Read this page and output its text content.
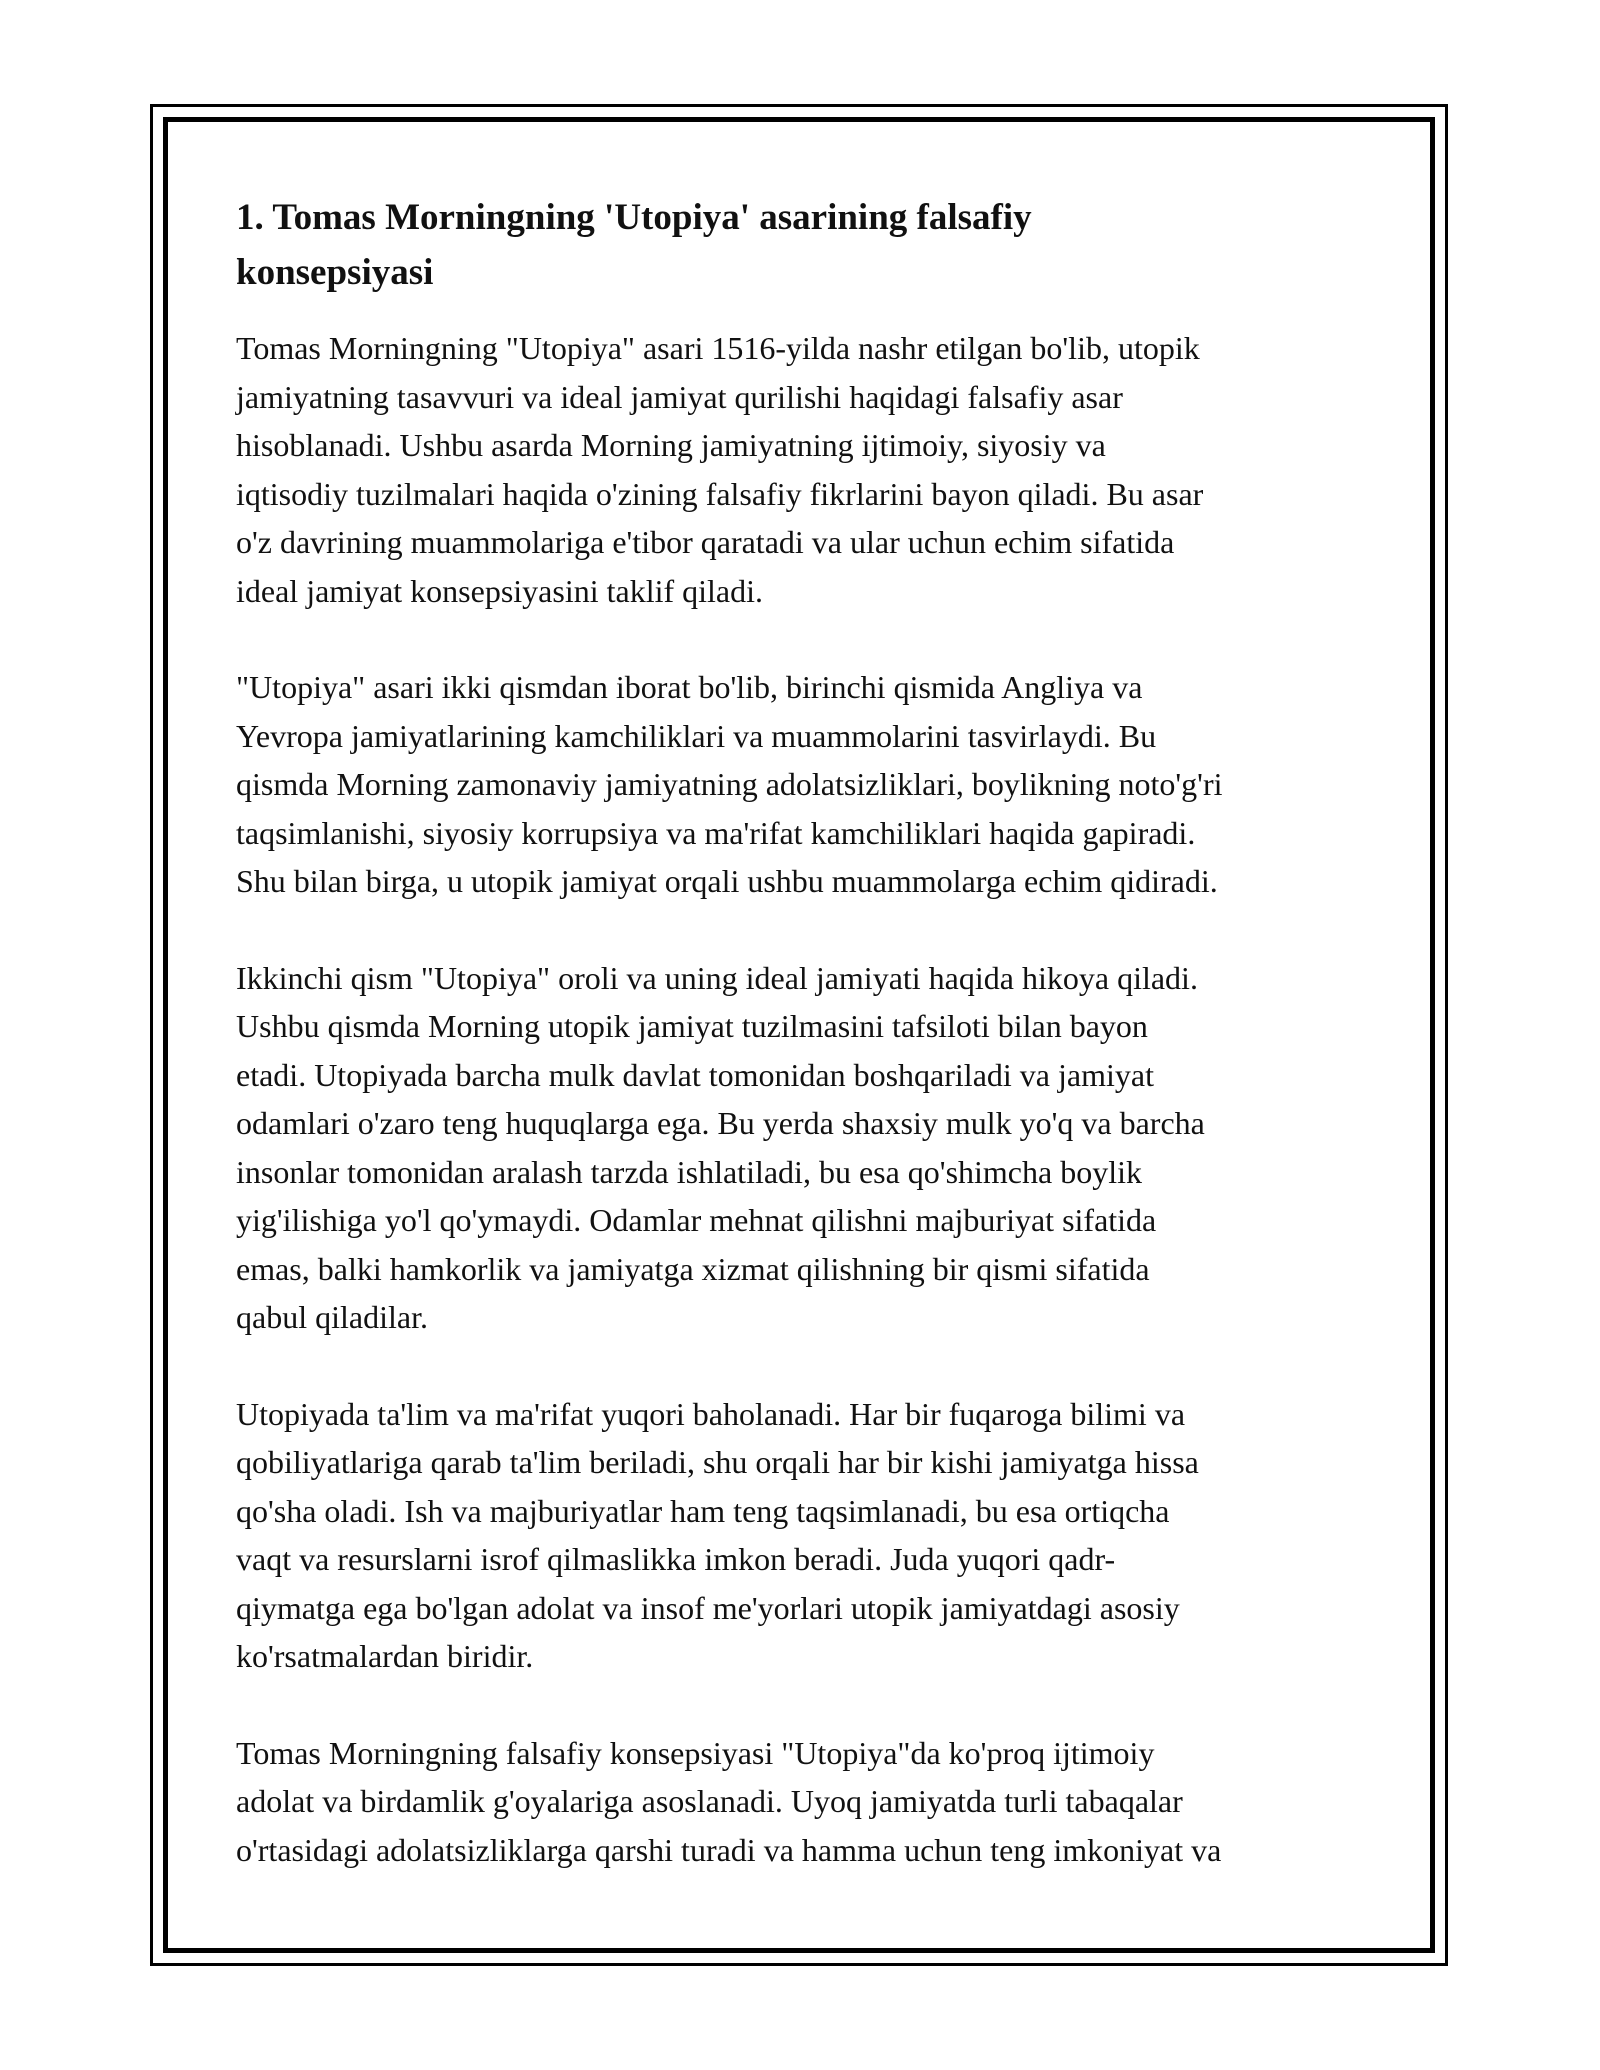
1. Tomas Morningning 'Utopiya' asarining falsafiy
konsepsiyasi

Tomas Morningning "Utopiya" asari 1516-yilda nashr etilgan bo'lib, utopik
jamiyatning tasavvuri va ideal jamiyat qurilishi haqidagi falsafiy asar
hisoblanadi. Ushbu asarda Morning jamiyatning ijtimoiy, siyosiy va
iqtisodiy tuzilmalari haqida o'zining falsafiy fikrlarini bayon qiladi. Bu asar
o'z davrining muammolariga e'tibor qaratadi va ular uchun echim sifatida
ideal jamiyat konsepsiyasini taklif qiladi.

"Utopiya" asari ikki qismdan iborat bo'lib, birinchi qismida Angliya va
Yevropa jamiyatlarining kamchiliklari va muammolarini tasvirlaydi. Bu
qismda Morning zamonaviy jamiyatning adolatsizliklari, boylikning noto'g'ri
taqsimlanishi, siyosiy korrupsiya va ma'rifat kamchiliklari haqida gapiradi.
Shu bilan birga, u utopik jamiyat orqali ushbu muammolarga echim qidiradi.

Ikkinchi qism "Utopiya" oroli va uning ideal jamiyati haqida hikoya qiladi.
Ushbu qismda Morning utopik jamiyat tuzilmasini tafsiloti bilan bayon
etadi. Utopiyada barcha mulk davlat tomonidan boshqariladi va jamiyat
odamlari o'zaro teng huquqlarga ega. Bu yerda shaxsiy mulk yo'q va barcha
insonlar tomonidan aralash tarzda ishlatiladi, bu esa qo'shimcha boylik
yig'ilishiga yo'l qo'ymaydi. Odamlar mehnat qilishni majburiyat sifatida
emas, balki hamkorlik va jamiyatga xizmat qilishning bir qismi sifatida
qabul qiladilar.

Utopiyada ta'lim va ma'rifat yuqori baholanadi. Har bir fuqaroga bilimi va
qobiliyatlariga qarab ta'lim beriladi, shu orqali har bir kishi jamiyatga hissa
qo'sha oladi. Ish va majburiyatlar ham teng taqsimlanadi, bu esa ortiqcha
vaqt va resurslarni isrof qilmaslikka imkon beradi. Juda yuqori qadr-
qiymatga ega bo'lgan adolat va insof me'yorlari utopik jamiyatdagi asosiy
ko'rsatmalardan biridir.

Tomas Morningning falsafiy konsepsiyasi "Utopiya"da ko'proq ijtimoiy
adolat va birdamlik g'oyalariga asoslanadi. Uyoq jamiyatda turli tabaqalar
o'rtasidagi adolatsizliklarga qarshi turadi va hamma uchun teng imkoniyat va
